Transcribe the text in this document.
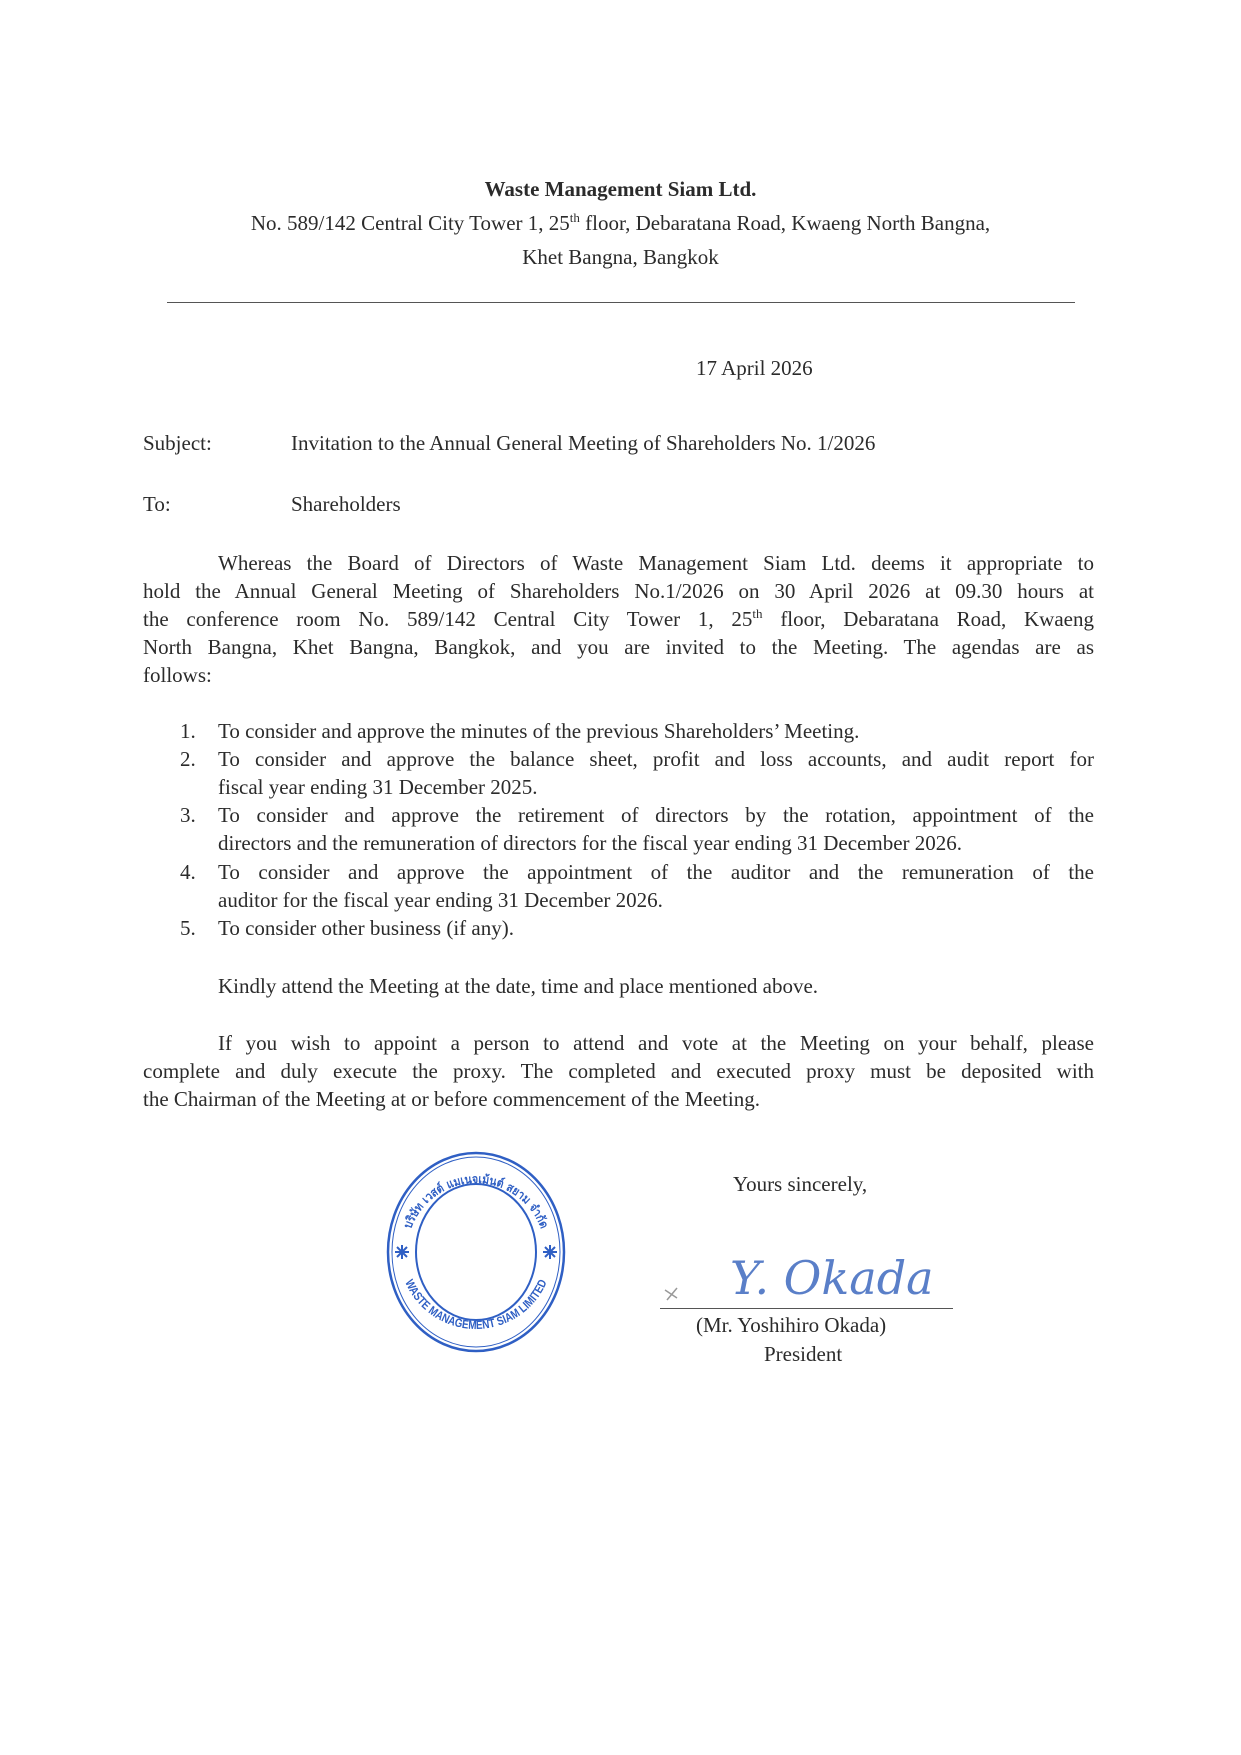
Waste Management Siam Ltd.
No. 589/142 Central City Tower 1, 25th floor, Debaratana Road, Kwaeng North Bangna,
Khet Bangna, Bangkok
17 April 2026
Subject:	Invitation to the Annual General Meeting of Shareholders No. 1/2026
To:	Shareholders
Whereas the Board of Directors of Waste Management Siam Ltd. deems it appropriate to
hold the Annual General Meeting of Shareholders No.1/2026 on 30 April 2026 at 09.30 hours at
the conference room No. 589/142 Central City Tower 1, 25th floor, Debaratana Road, Kwaeng
North Bangna, Khet Bangna, Bangkok, and you are invited to the Meeting. The agendas are as
follows:
1. To consider and approve the minutes of the previous Shareholders’ Meeting.
2. To consider and approve the balance sheet, profit and loss accounts, and audit report for
fiscal year ending 31 December 2025.
3. To consider and approve the retirement of directors by the rotation, appointment of the
directors and the remuneration of directors for the fiscal year ending 31 December 2026.
4. To consider and approve the appointment of the auditor and the remuneration of the
auditor for the fiscal year ending 31 December 2026.
5. To consider other business (if any).
Kindly attend the Meeting at the date, time and place mentioned above.
If you wish to appoint a person to attend and vote at the Meeting on your behalf, please
complete and duly execute the proxy. The completed and executed proxy must be deposited with
the Chairman of the Meeting at or before commencement of the Meeting.
บริษัท เวสต์ แมเนจเม้นต์ สยาม จำกัด
WASTE MANAGEMENT SIAM LIMITED
Yours sincerely,
Y. Okada
(Mr. Yoshihiro Okada)
President
